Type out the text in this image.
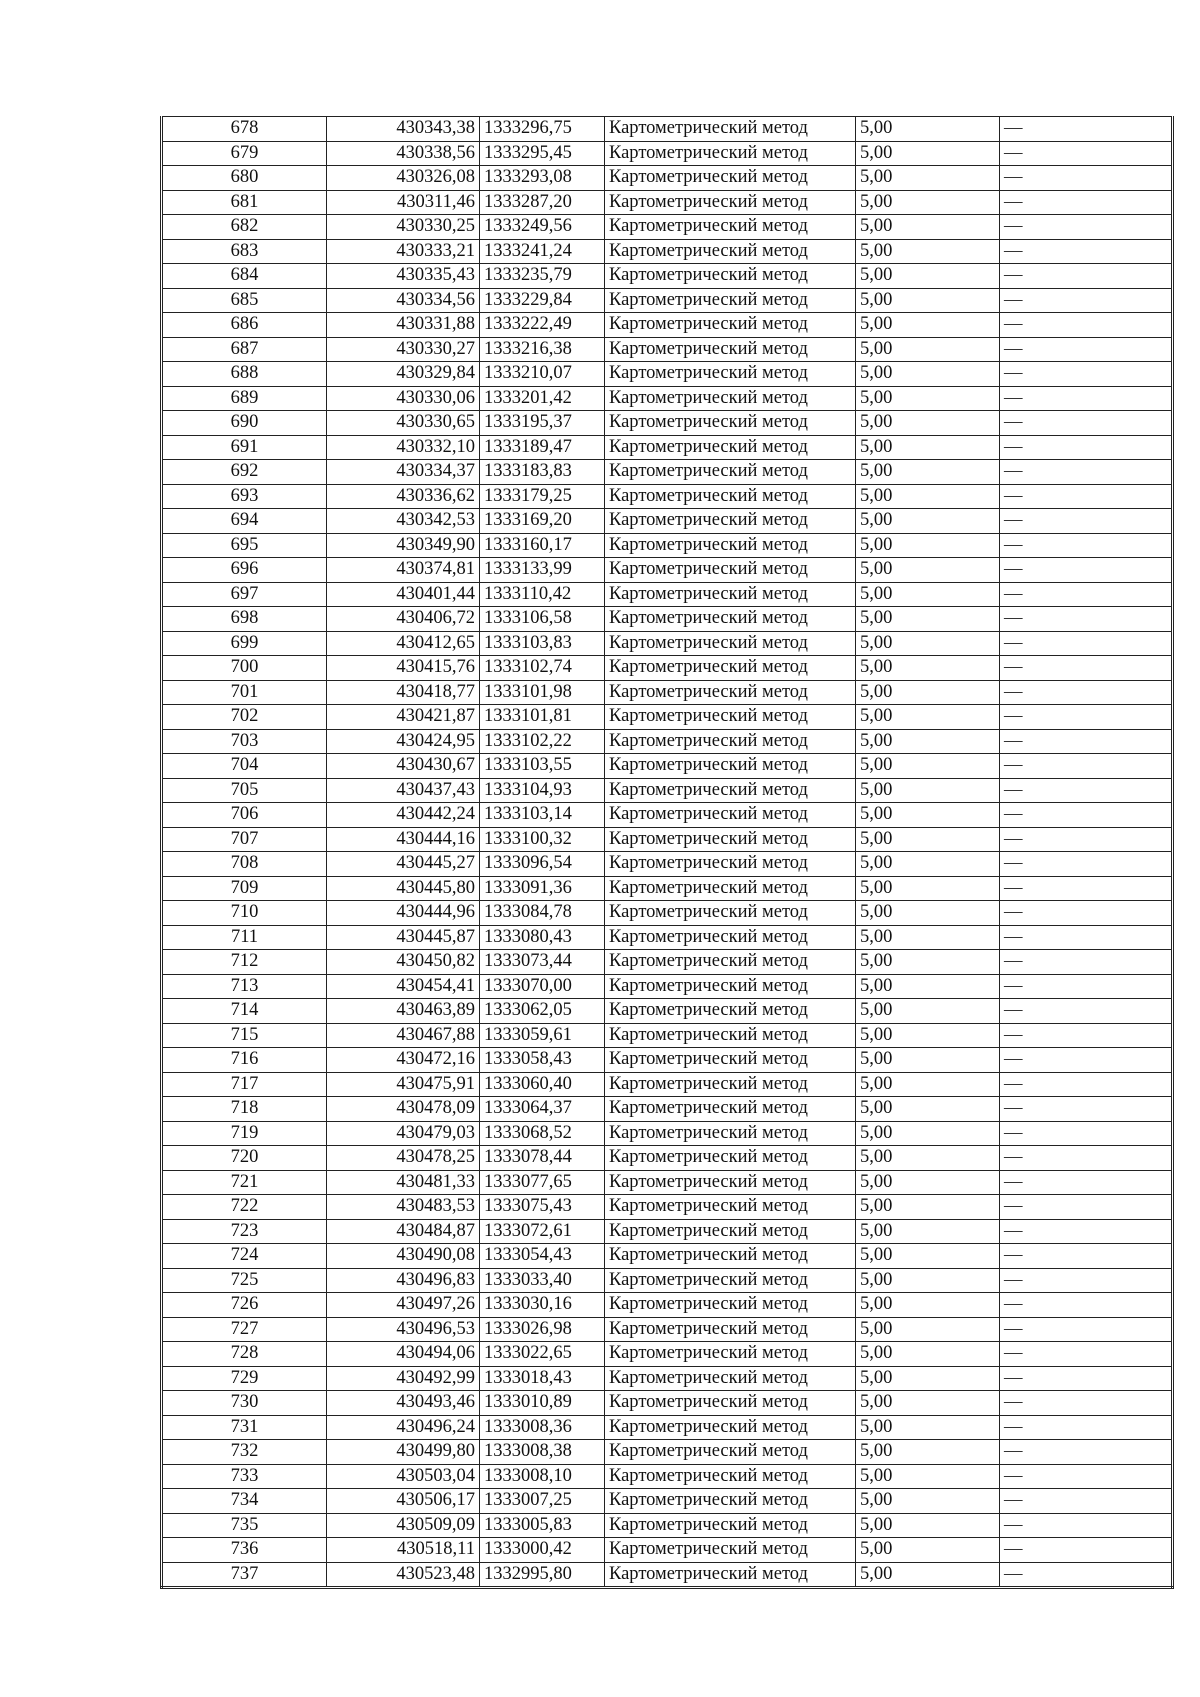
678	430343,38	1333296,75	Картометрический метод	5,00	—
679	430338,56	1333295,45	Картометрический метод	5,00	—
680	430326,08	1333293,08	Картометрический метод	5,00	—
681	430311,46	1333287,20	Картометрический метод	5,00	—
682	430330,25	1333249,56	Картометрический метод	5,00	—
683	430333,21	1333241,24	Картометрический метод	5,00	—
684	430335,43	1333235,79	Картометрический метод	5,00	—
685	430334,56	1333229,84	Картометрический метод	5,00	—
686	430331,88	1333222,49	Картометрический метод	5,00	—
687	430330,27	1333216,38	Картометрический метод	5,00	—
688	430329,84	1333210,07	Картометрический метод	5,00	—
689	430330,06	1333201,42	Картометрический метод	5,00	—
690	430330,65	1333195,37	Картометрический метод	5,00	—
691	430332,10	1333189,47	Картометрический метод	5,00	—
692	430334,37	1333183,83	Картометрический метод	5,00	—
693	430336,62	1333179,25	Картометрический метод	5,00	—
694	430342,53	1333169,20	Картометрический метод	5,00	—
695	430349,90	1333160,17	Картометрический метод	5,00	—
696	430374,81	1333133,99	Картометрический метод	5,00	—
697	430401,44	1333110,42	Картометрический метод	5,00	—
698	430406,72	1333106,58	Картометрический метод	5,00	—
699	430412,65	1333103,83	Картометрический метод	5,00	—
700	430415,76	1333102,74	Картометрический метод	5,00	—
701	430418,77	1333101,98	Картометрический метод	5,00	—
702	430421,87	1333101,81	Картометрический метод	5,00	—
703	430424,95	1333102,22	Картометрический метод	5,00	—
704	430430,67	1333103,55	Картометрический метод	5,00	—
705	430437,43	1333104,93	Картометрический метод	5,00	—
706	430442,24	1333103,14	Картометрический метод	5,00	—
707	430444,16	1333100,32	Картометрический метод	5,00	—
708	430445,27	1333096,54	Картометрический метод	5,00	—
709	430445,80	1333091,36	Картометрический метод	5,00	—
710	430444,96	1333084,78	Картометрический метод	5,00	—
711	430445,87	1333080,43	Картометрический метод	5,00	—
712	430450,82	1333073,44	Картометрический метод	5,00	—
713	430454,41	1333070,00	Картометрический метод	5,00	—
714	430463,89	1333062,05	Картометрический метод	5,00	—
715	430467,88	1333059,61	Картометрический метод	5,00	—
716	430472,16	1333058,43	Картометрический метод	5,00	—
717	430475,91	1333060,40	Картометрический метод	5,00	—
718	430478,09	1333064,37	Картометрический метод	5,00	—
719	430479,03	1333068,52	Картометрический метод	5,00	—
720	430478,25	1333078,44	Картометрический метод	5,00	—
721	430481,33	1333077,65	Картометрический метод	5,00	—
722	430483,53	1333075,43	Картометрический метод	5,00	—
723	430484,87	1333072,61	Картометрический метод	5,00	—
724	430490,08	1333054,43	Картометрический метод	5,00	—
725	430496,83	1333033,40	Картометрический метод	5,00	—
726	430497,26	1333030,16	Картометрический метод	5,00	—
727	430496,53	1333026,98	Картометрический метод	5,00	—
728	430494,06	1333022,65	Картометрический метод	5,00	—
729	430492,99	1333018,43	Картометрический метод	5,00	—
730	430493,46	1333010,89	Картометрический метод	5,00	—
731	430496,24	1333008,36	Картометрический метод	5,00	—
732	430499,80	1333008,38	Картометрический метод	5,00	—
733	430503,04	1333008,10	Картометрический метод	5,00	—
734	430506,17	1333007,25	Картометрический метод	5,00	—
735	430509,09	1333005,83	Картометрический метод	5,00	—
736	430518,11	1333000,42	Картометрический метод	5,00	—
737	430523,48	1332995,80	Картометрический метод	5,00	—
